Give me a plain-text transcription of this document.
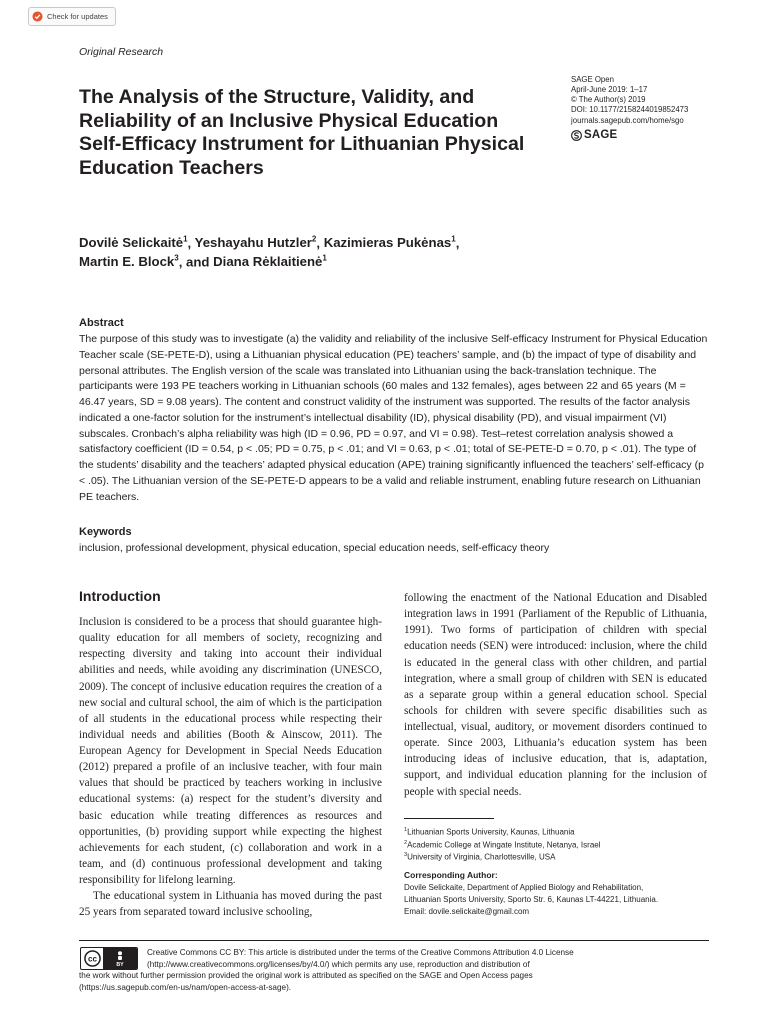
Check for updates
Original Research
The Analysis of the Structure, Validity, and Reliability of an Inclusive Physical Education Self-Efficacy Instrument for Lithuanian Physical Education Teachers
SAGE Open
April-June 2019: 1–17
© The Author(s) 2019
DOI: 10.1177/2158244019852473
journals.sagepub.com/home/sgo
SAGE

Dovilė Selickaitė$^1$, Yeshayahu Hutzler$^2$, Kazimieras Pukėnas$^1$,
Martin E. Block$^3$, and Diana Rėklaitienė$^1$

Abstract

The purpose of this study was to investigate (a) the validity and reliability of the inclusive Self-efficacy Instrument for Physical Education Teacher scale (SE-PETE-D), using a Lithuanian physical education (PE) teachers’ sample, and (b) the impact of type of disability and personal attributes. The English version of the scale was translated into Lithuanian using the back-translation technique. The participants were 193 PE teachers working in Lithuanian schools (60 males and 132 females), ages between 22 and 65 years (M = 46.47 years, SD = 9.08 years). The content and construct validity of the instrument was supported. The results of the factor analysis indicated a one-factor solution for the instrument’s intellectual disability (ID), physical disability (PD), and visual impairment (VI) subscales. Cronbach’s alpha reliability was high (ID = 0.96, PD = 0.97, and VI = 0.98). Test–retest correlation analysis showed a satisfactory coefficient (ID = 0.54, p < .05; PD = 0.75, p < .01; and VI = 0.63, p < .01; total of SE-PETE-D = 0.70, p < .01). The type of the students’ disability and the teachers’ adapted physical education (APE) training significantly influenced the teachers’ self-efficacy (p < .05). The Lithuanian version of the SE-PETE-D appears to be a valid and reliable instrument, enabling future research on Lithuanian PE teachers.

Keywords

inclusion, professional development, physical education, special education needs, self-efficacy theory

Introduction

Inclusion is considered to be a process that should guarantee high-quality education for all members of society, recognizing and respecting diversity and taking into account their individual abilities and needs, while avoiding any discrimination (UNESCO, 2009). The concept of inclusive education requires the creation of a new social and cultural school, the aim of which is the participation of all students in the educational process while respecting their individual needs and abilities (Booth & Ainscow, 2011). The European Agency for Development in Special Needs Education (2012) prepared a profile of an inclusive teacher, with four main values that should be practiced by teachers working in inclusive educational systems: (a) respect for the student’s diversity and basic education while treating differences as resources and opportunities, (b) providing support while expecting the highest achievements for each student, (c) collaboration and work in a team, and (d) continuous professional development and taking responsibility for lifelong learning.

The educational system in Lithuania has moved during the past 25 years from separated toward inclusive schooling,

following the enactment of the National Education and Disabled integration laws in 1991 (Parliament of the Republic of Lithuania, 1991). Two forms of participation of children with special education needs (SEN) were introduced: inclusion, where the child is educated in the general class with other children, and partial integration, where a small group of children with SEN is educated as a separate group within a general education school. Special schools for children with severe specific disabilities such as intellectual, visual, auditory, or movement disorders continued to operate. Since 2003, Lithuania’s education system has been introducing ideas of inclusive education, that is, adaptation, support, and individual education planning for the inclusion of people with special needs.

$^1$Lithuanian Sports University, Kaunas, Lithuania
$^2$Academic College at Wingate Institute, Netanya, Israel
$^3$University of Virginia, Charlottesville, USA
Corresponding Author:
Dovile Selickaite, Department of Applied Biology and Rehabilitation,
Lithuanian Sports University, Sporto Str. 6, Kaunas LT-44221, Lithuania.
Email: dovile.selickaite@gmail.com

Creative Commons CC BY: This article is distributed under the terms of the Creative Commons Attribution 4.0 License
(http://www.creativecommons.org/licenses/by/4.0/) which permits any use, reproduction and distribution of
the work without further permission provided the original work is attributed as specified on the SAGE and Open Access pages
(https://us.sagepub.com/en-us/nam/open-access-at-sage).

cc
BY
